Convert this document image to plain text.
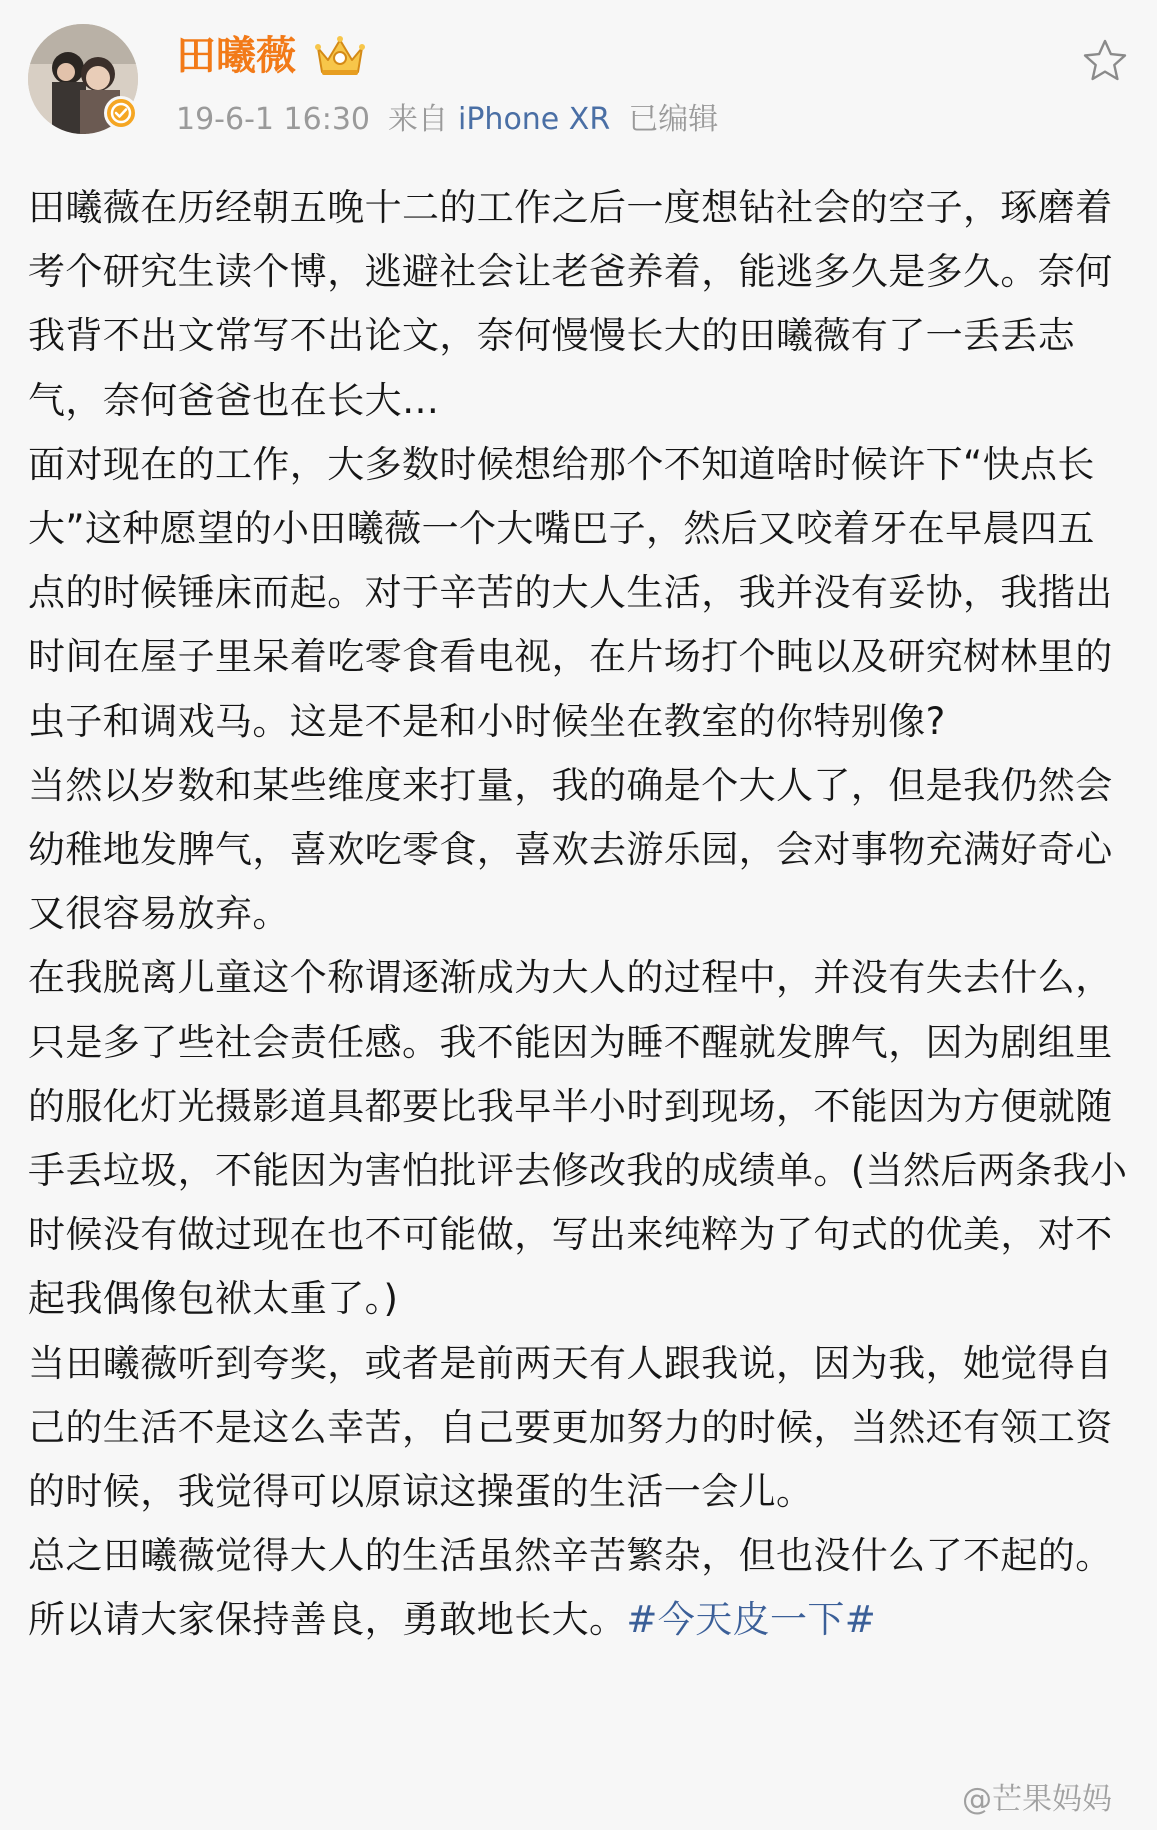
田曦薇
19-6-1 16:30 来自 iPhone XR 已编辑

田曦薇在历经朝五晚十二的工作之后一度想钻社会的空子，琢磨着考个研究生读个博，逃避社会让老爸养着，能逃多久是多久。奈何我背不出文常写不出论文，奈何慢慢长大的田曦薇有了一丢丢志气，奈何爸爸也在长大…

面对现在的工作，大多数时候想给那个不知道啥时候许下“快点长大”这种愿望的小田曦薇一个大嘴巴子，然后又咬着牙在早晨四五点的时候锤床而起。对于辛苦的大人生活，我并没有妥协，我揩出时间在屋子里呆着吃零食看电视，在片场打个盹以及研究树林里的虫子和调戏马。这是不是和小时候坐在教室的你特别像?

当然以岁数和某些维度来打量，我的确是个大人了，但是我仍然会幼稚地发脾气，喜欢吃零食，喜欢去游乐园，会对事物充满好奇心又很容易放弃。

在我脱离儿童这个称谓逐渐成为大人的过程中，并没有失去什么，只是多了些社会责任感。我不能因为睡不醒就发脾气，因为剧组里的服化灯光摄影道具都要比我早半小时到现场，不能因为方便就随手丢垃圾，不能因为害怕批评去修改我的成绩单。(当然后两条我小时候没有做过现在也不可能做，写出来纯粹为了句式的优美，对不起我偶像包袱太重了。)

当田曦薇听到夸奖，或者是前两天有人跟我说，因为我，她觉得自己的生活不是这么幸苦，自己要更加努力的时候，当然还有领工资的时候，我觉得可以原谅这操蛋的生活一会儿。

总之田曦薇觉得大人的生活虽然辛苦繁杂，但也没什么了不起的。所以请大家保持善良，勇敢地长大。#今天皮一下#

@芒果妈妈
